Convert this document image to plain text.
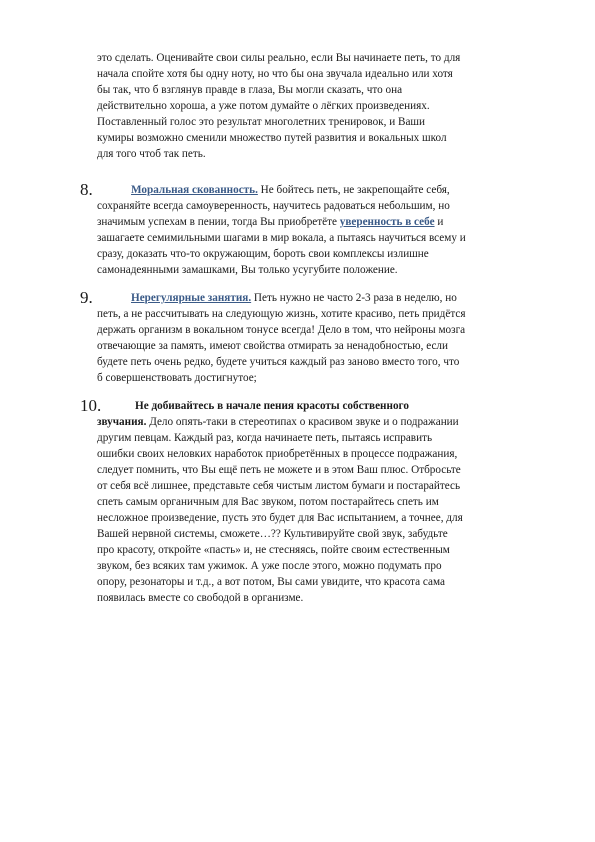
это сделать. Оценивайте свои силы реально, если Вы начинаете петь, то для
начала спойте хотя бы одну ноту, но что бы она звучала идеально или хотя
бы так, что б взглянув правде в глаза, Вы могли сказать, что она
действительно хороша, а уже потом думайте о лёгких произведениях.
Поставленный голос это результат многолетних тренировок, и Ваши
кумиры возможно сменили множество путей развития и вокальных школ
для того чтоб так петь.
8.	Моральная скованность. Не бойтесь петь, не закрепощайте себя,
сохраняйте всегда самоуверенность, научитесь радоваться небольшим, но
значимым успехам в пении, тогда Вы приобретёте уверенность в себе и
зашагаете семимильными шагами в мир вокала, а пытаясь научиться всему и
сразу, доказать что-то окружающим, бороть свои комплексы излишне
самонадеянными замашками, Вы только усугубите положение.
9.	Нерегулярные занятия. Петь нужно не часто 2-3 раза в неделю, но
петь, а не рассчитывать на следующую жизнь, хотите красиво, петь придётся
держать организм в вокальном тонусе всегда! Дело в том, что нейроны мозга
отвечающие за память, имеют свойства отмирать за ненадобностью, если
будете петь очень редко, будете учиться каждый раз заново вместо того, что
б совершенствовать достигнутое;
10.	Не добивайтесь в начале пения красоты собственного
звучания. Дело опять-таки в стереотипах о красивом звуке и о подражании
другим певцам. Каждый раз, когда начинаете петь, пытаясь исправить
ошибки своих неловких наработок приобретённых в процессе подражания,
следует помнить, что Вы ещё петь не можете и в этом Ваш плюс. Отбросьте
от себя всё лишнее, представьте себя чистым листом бумаги и постарайтесь
спеть самым органичным для Вас звуком, потом постарайтесь спеть им
несложное произведение, пусть это будет для Вас испытанием, а точнее, для
Вашей нервной системы, сможете…?? Культивируйте свой звук, забудьте
про красоту, откройте «пасть» и, не стесняясь, пойте своим естественным
звуком, без всяких там ужимок. А уже после этого, можно подумать про
опору, резонаторы и т.д., а вот потом, Вы сами увидите, что красота сама
появилась вместе со свободой в организме.
